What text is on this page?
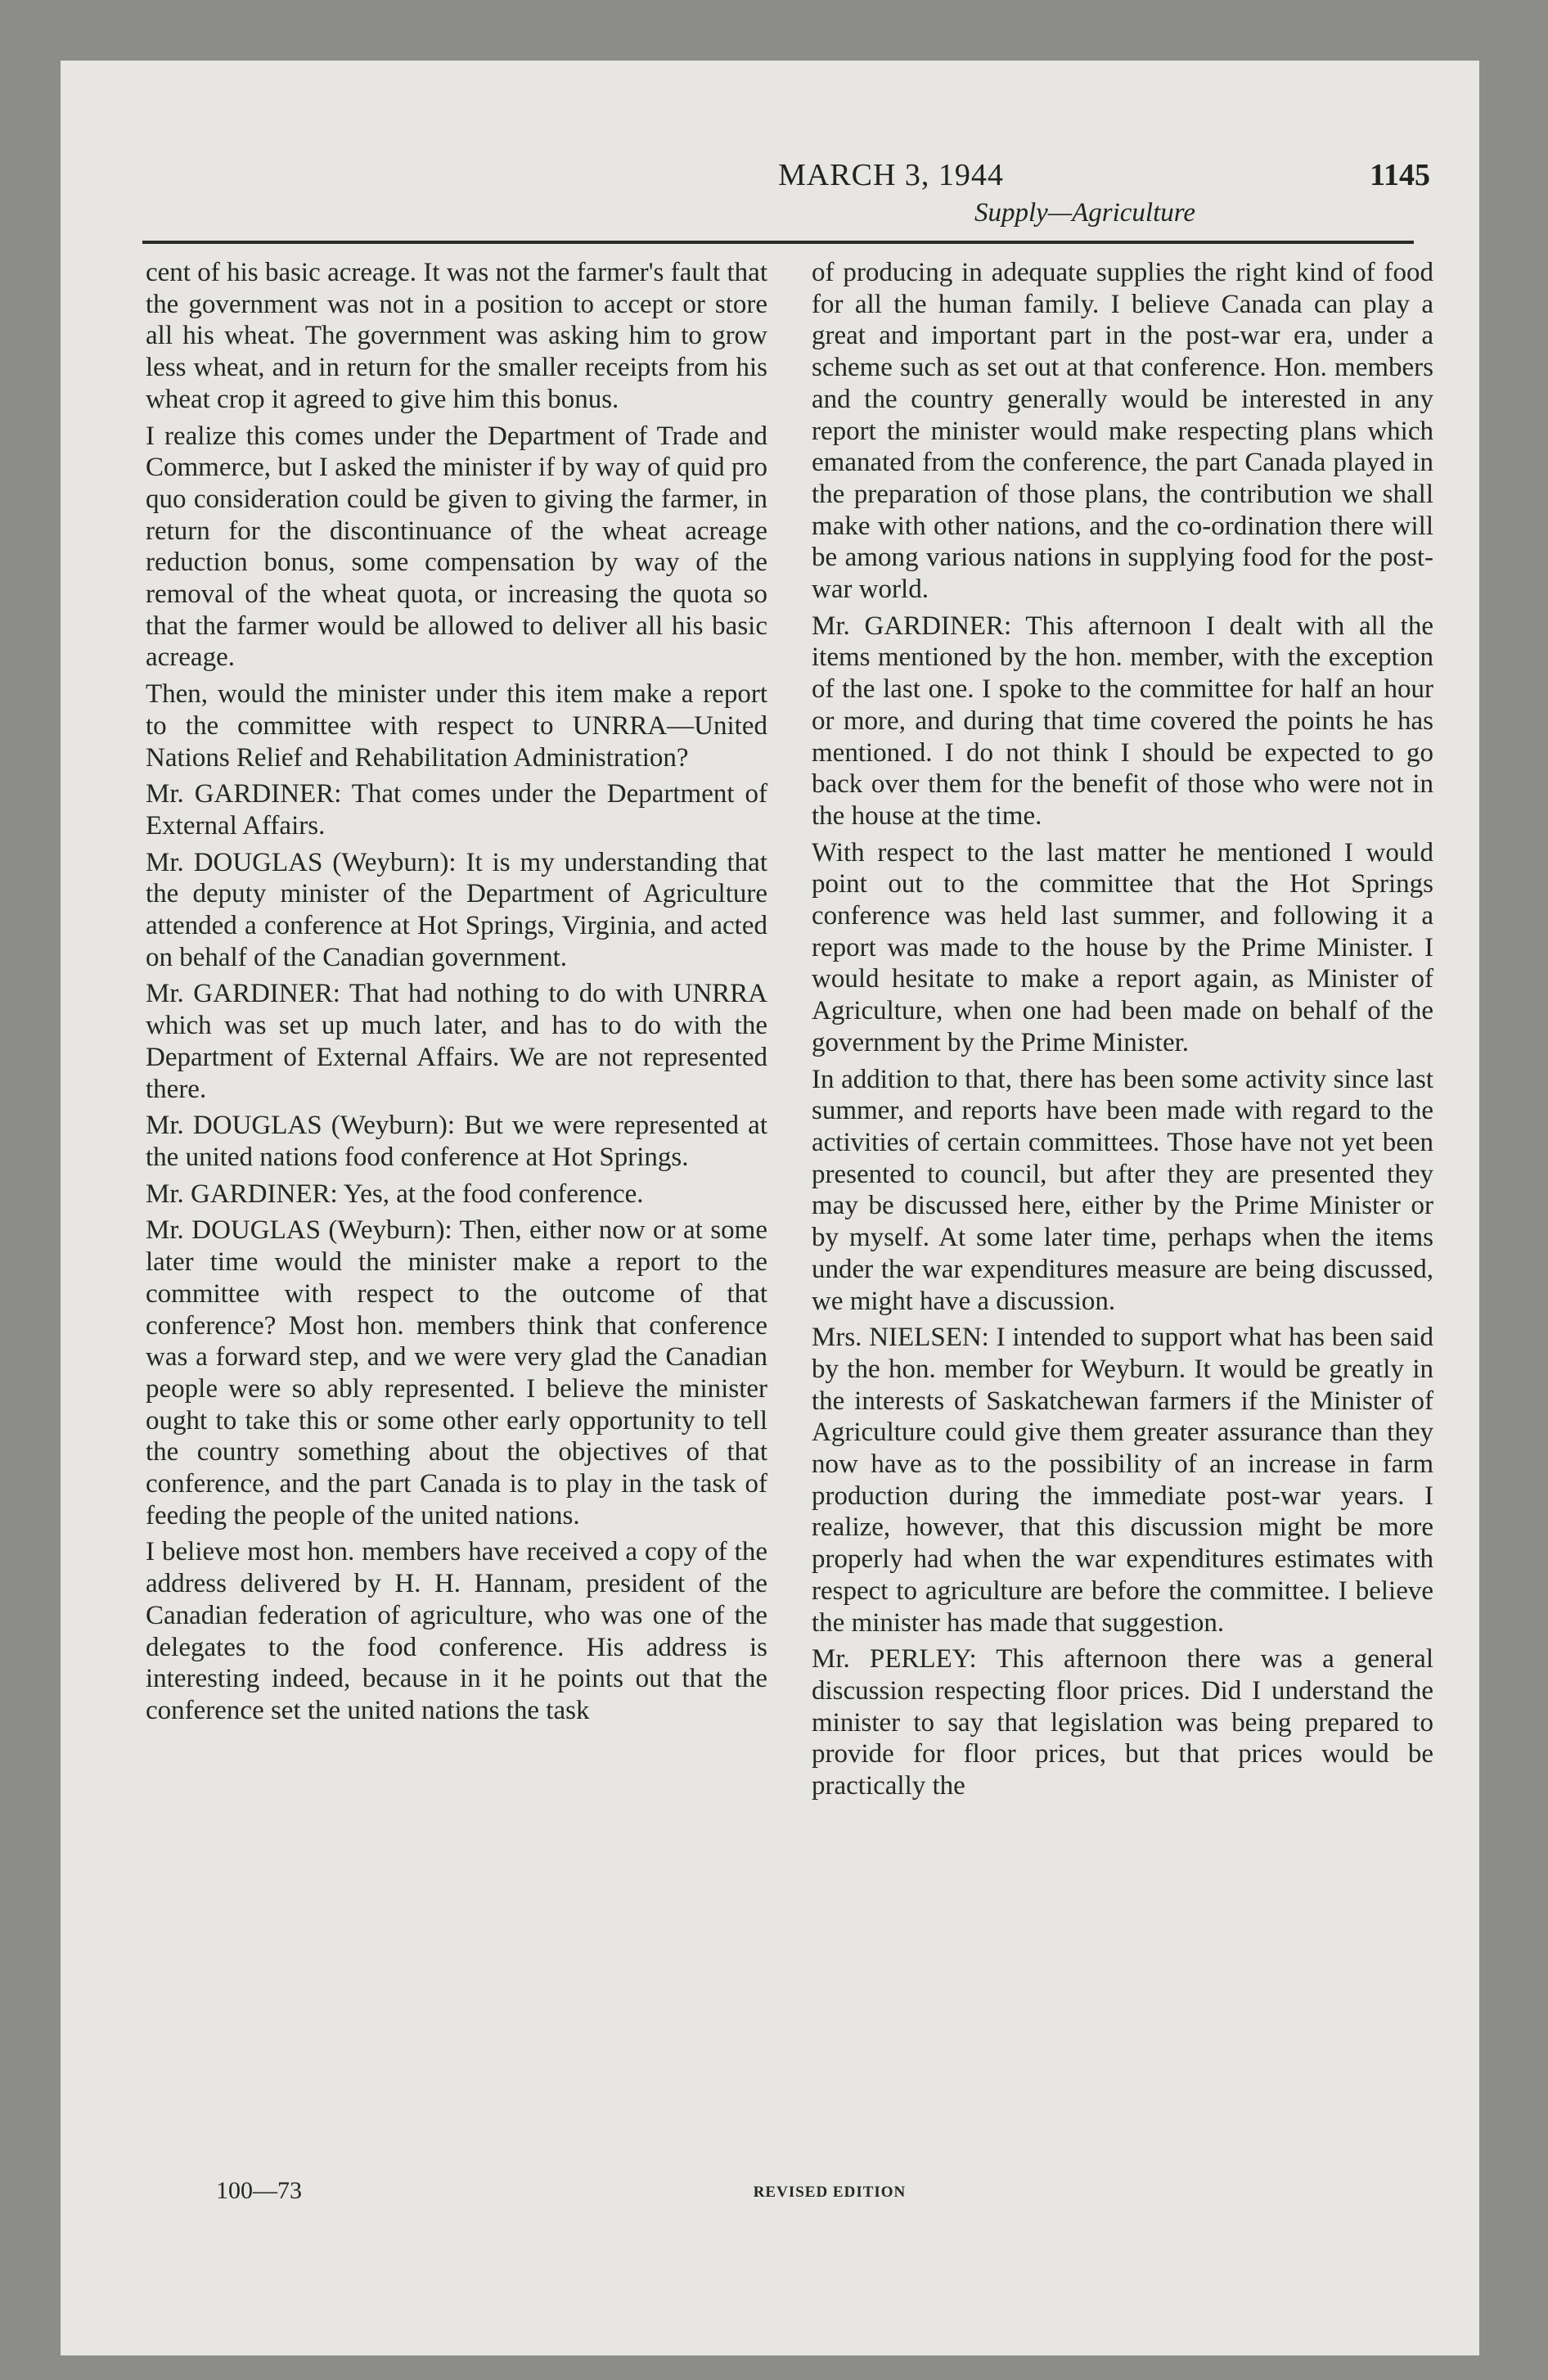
MARCH 3, 1944	1145
Supply—Agriculture

cent of his basic acreage. It was not the farmer's fault that the government was not in a position to accept or store all his wheat. The government was asking him to grow less wheat, and in return for the smaller receipts from his wheat crop it agreed to give him this bonus.

I realize this comes under the Department of Trade and Commerce, but I asked the minister if by way of quid pro quo consideration could be given to giving the farmer, in return for the discontinuance of the wheat acreage reduction bonus, some compensation by way of the removal of the wheat quota, or increasing the quota so that the farmer would be allowed to deliver all his basic acreage.

Then, would the minister under this item make a report to the committee with respect to UNRRA—United Nations Relief and Rehabilitation Administration?

Mr. GARDINER: That comes under the Department of External Affairs.

Mr. DOUGLAS (Weyburn): It is my understanding that the deputy minister of the Department of Agriculture attended a conference at Hot Springs, Virginia, and acted on behalf of the Canadian government.

Mr. GARDINER: That had nothing to do with UNRRA which was set up much later, and has to do with the Department of External Affairs. We are not represented there.

Mr. DOUGLAS (Weyburn): But we were represented at the united nations food conference at Hot Springs.

Mr. GARDINER: Yes, at the food conference.

Mr. DOUGLAS (Weyburn): Then, either now or at some later time would the minister make a report to the committee with respect to the outcome of that conference? Most hon. members think that conference was a forward step, and we were very glad the Canadian people were so ably represented. I believe the minister ought to take this or some other early opportunity to tell the country something about the objectives of that conference, and the part Canada is to play in the task of feeding the people of the united nations.

I believe most hon. members have received a copy of the address delivered by H. H. Hannam, president of the Canadian federation of agriculture, who was one of the delegates to the food conference. His address is interesting indeed, because in it he points out that the conference set the united nations the task

of producing in adequate supplies the right kind of food for all the human family. I believe Canada can play a great and important part in the post-war era, under a scheme such as set out at that conference. Hon. members and the country generally would be interested in any report the minister would make respecting plans which emanated from the conference, the part Canada played in the preparation of those plans, the contribution we shall make with other nations, and the co-ordination there will be among various nations in supplying food for the post-war world.

Mr. GARDINER: This afternoon I dealt with all the items mentioned by the hon. member, with the exception of the last one. I spoke to the committee for half an hour or more, and during that time covered the points he has mentioned. I do not think I should be expected to go back over them for the benefit of those who were not in the house at the time.

With respect to the last matter he mentioned I would point out to the committee that the Hot Springs conference was held last summer, and following it a report was made to the house by the Prime Minister. I would hesitate to make a report again, as Minister of Agriculture, when one had been made on behalf of the government by the Prime Minister.

In addition to that, there has been some activity since last summer, and reports have been made with regard to the activities of certain committees. Those have not yet been presented to council, but after they are presented they may be discussed here, either by the Prime Minister or by myself. At some later time, perhaps when the items under the war expenditures measure are being discussed, we might have a discussion.

Mrs. NIELSEN: I intended to support what has been said by the hon. member for Weyburn. It would be greatly in the interests of Saskatchewan farmers if the Minister of Agriculture could give them greater assurance than they now have as to the possibility of an increase in farm production during the immediate post-war years. I realize, however, that this discussion might be more properly had when the war expenditures estimates with respect to agriculture are before the committee. I believe the minister has made that suggestion.

Mr. PERLEY: This afternoon there was a general discussion respecting floor prices. Did I understand the minister to say that legislation was being prepared to provide for floor prices, but that prices would be practically the

100—73	REVISED EDITION
